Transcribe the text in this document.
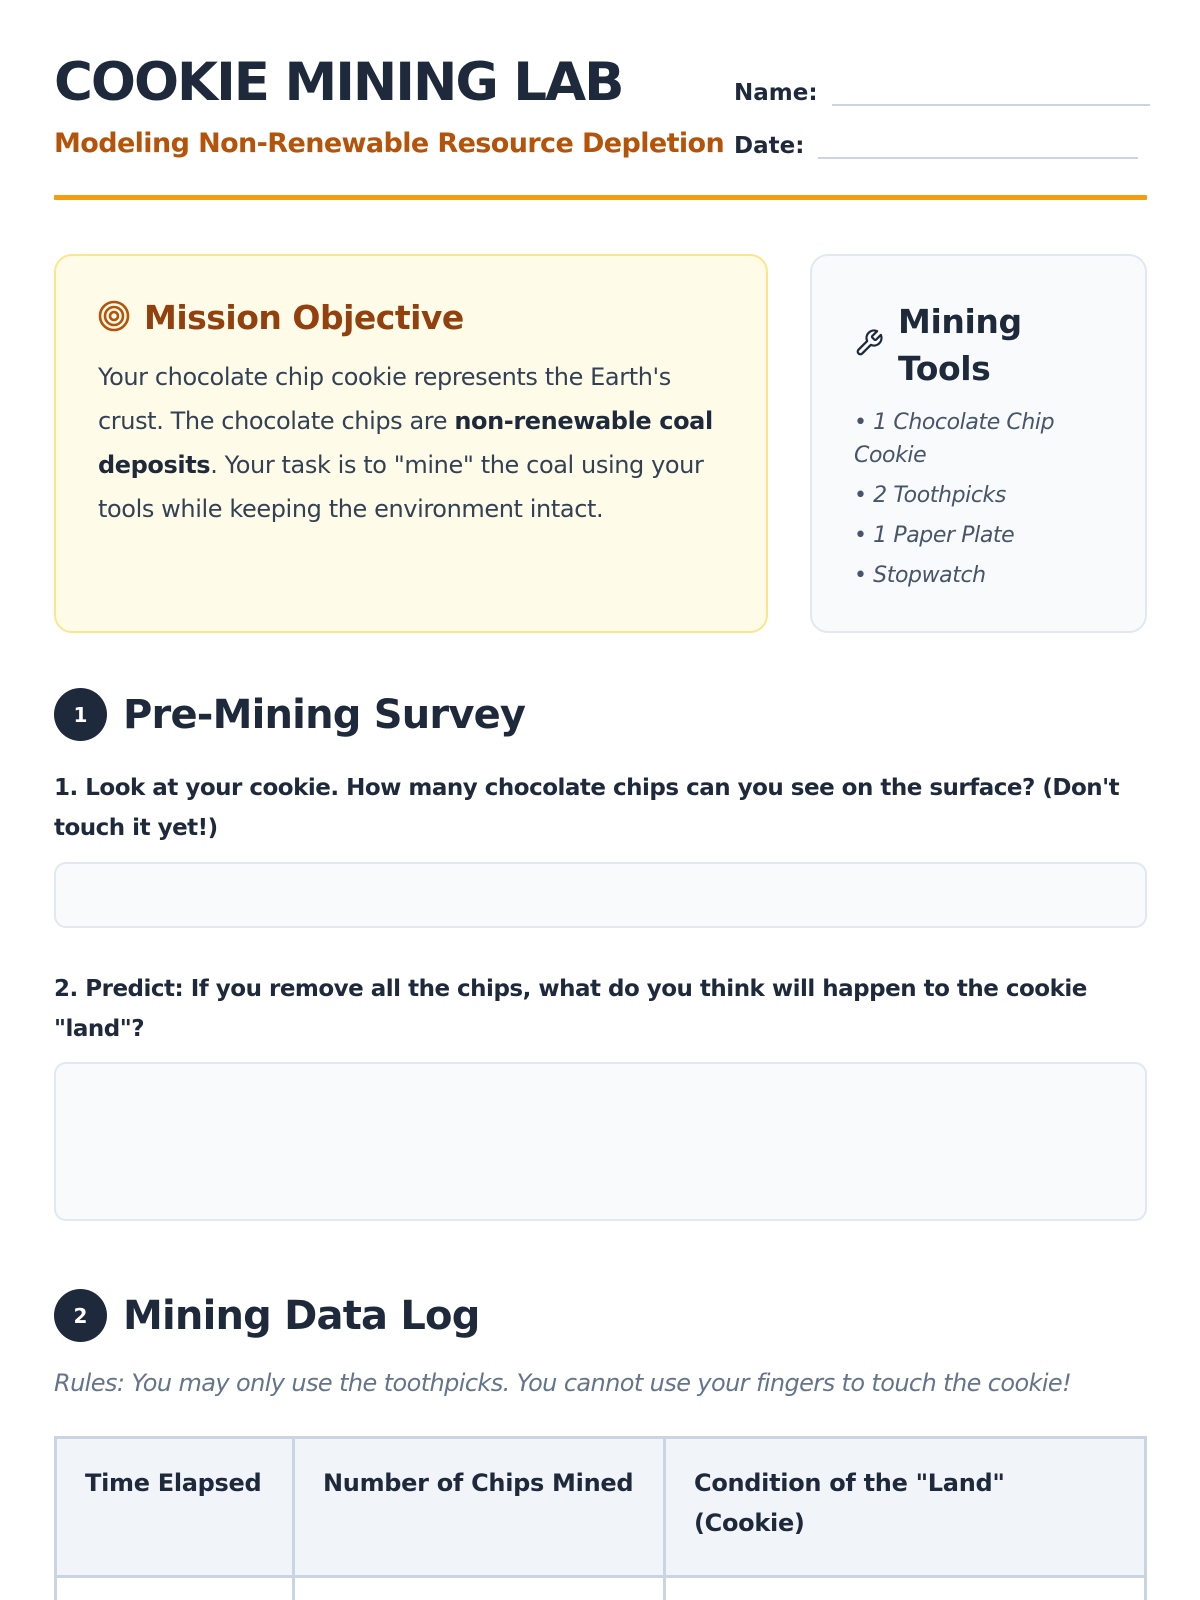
COOKIE MINING LAB
Modeling Non-Renewable Resource Depletion
Name:
Date:
Mission Objective

Your chocolate chip cookie represents the Earth's crust. The chocolate chips are non-renewable coal deposits. Your task is to "mine" the coal using your tools while keeping the environment intact.

Mining Tools
• 1 Chocolate Chip Cookie
• 2 Toothpicks
• 1 Paper Plate
• Stopwatch
1 Pre-Mining Survey
1. Look at your cookie. How many chocolate chips can you see on the surface? (Don't touch it yet!)
2. Predict: If you remove all the chips, what do you think will happen to the cookie "land"?
2 Mining Data Log
Rules: You may only use the toothpicks. You cannot use your fingers to touch the cookie!
Time Elapsed	Number of Chips Mined	Condition of the "Land" (Cookie)
